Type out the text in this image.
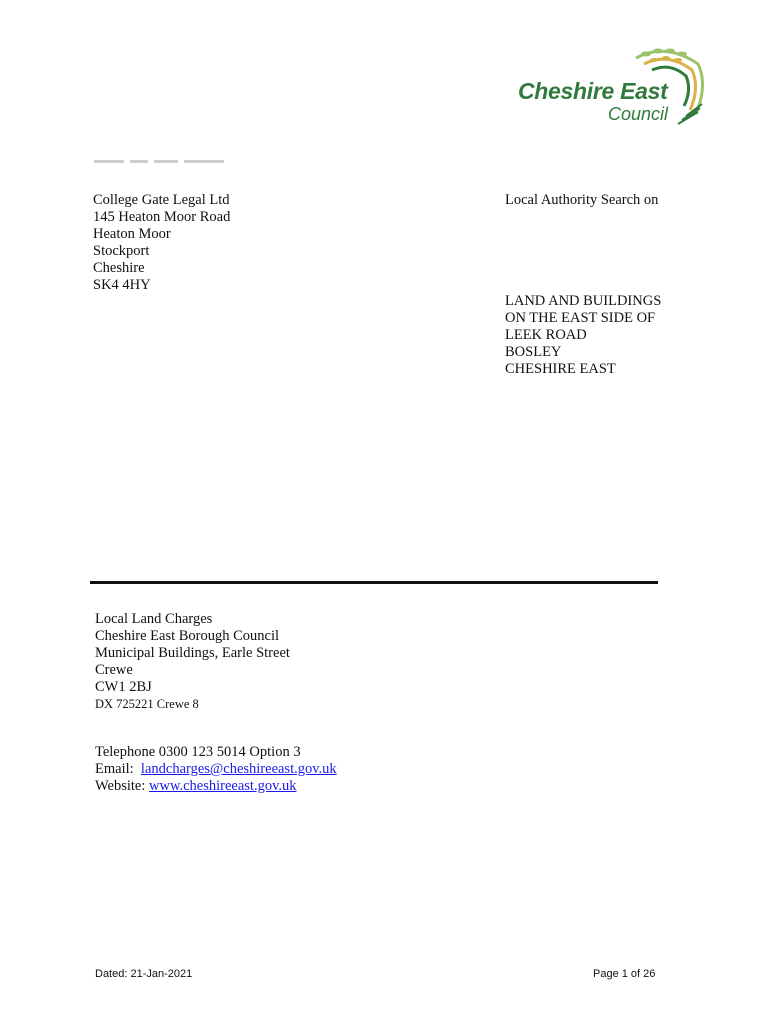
Cheshire East
Council
College Gate Legal Ltd
145 Heaton Moor Road
Heaton Moor
Stockport
Cheshire
SK4 4HY
Local Authority Search on
LAND AND BUILDINGS
ON THE EAST SIDE OF
LEEK ROAD
BOSLEY
CHESHIRE EAST
Local Land Charges
Cheshire East Borough Council
Municipal Buildings, Earle Street
Crewe
CW1 2BJ
DX 725221 Crewe 8
Telephone 0300 123 5014 Option 3
Email: landcharges@cheshireeast.gov.uk
Website: www.cheshireeast.gov.uk
Dated: 21-Jan-2021	Page 1 of 26
